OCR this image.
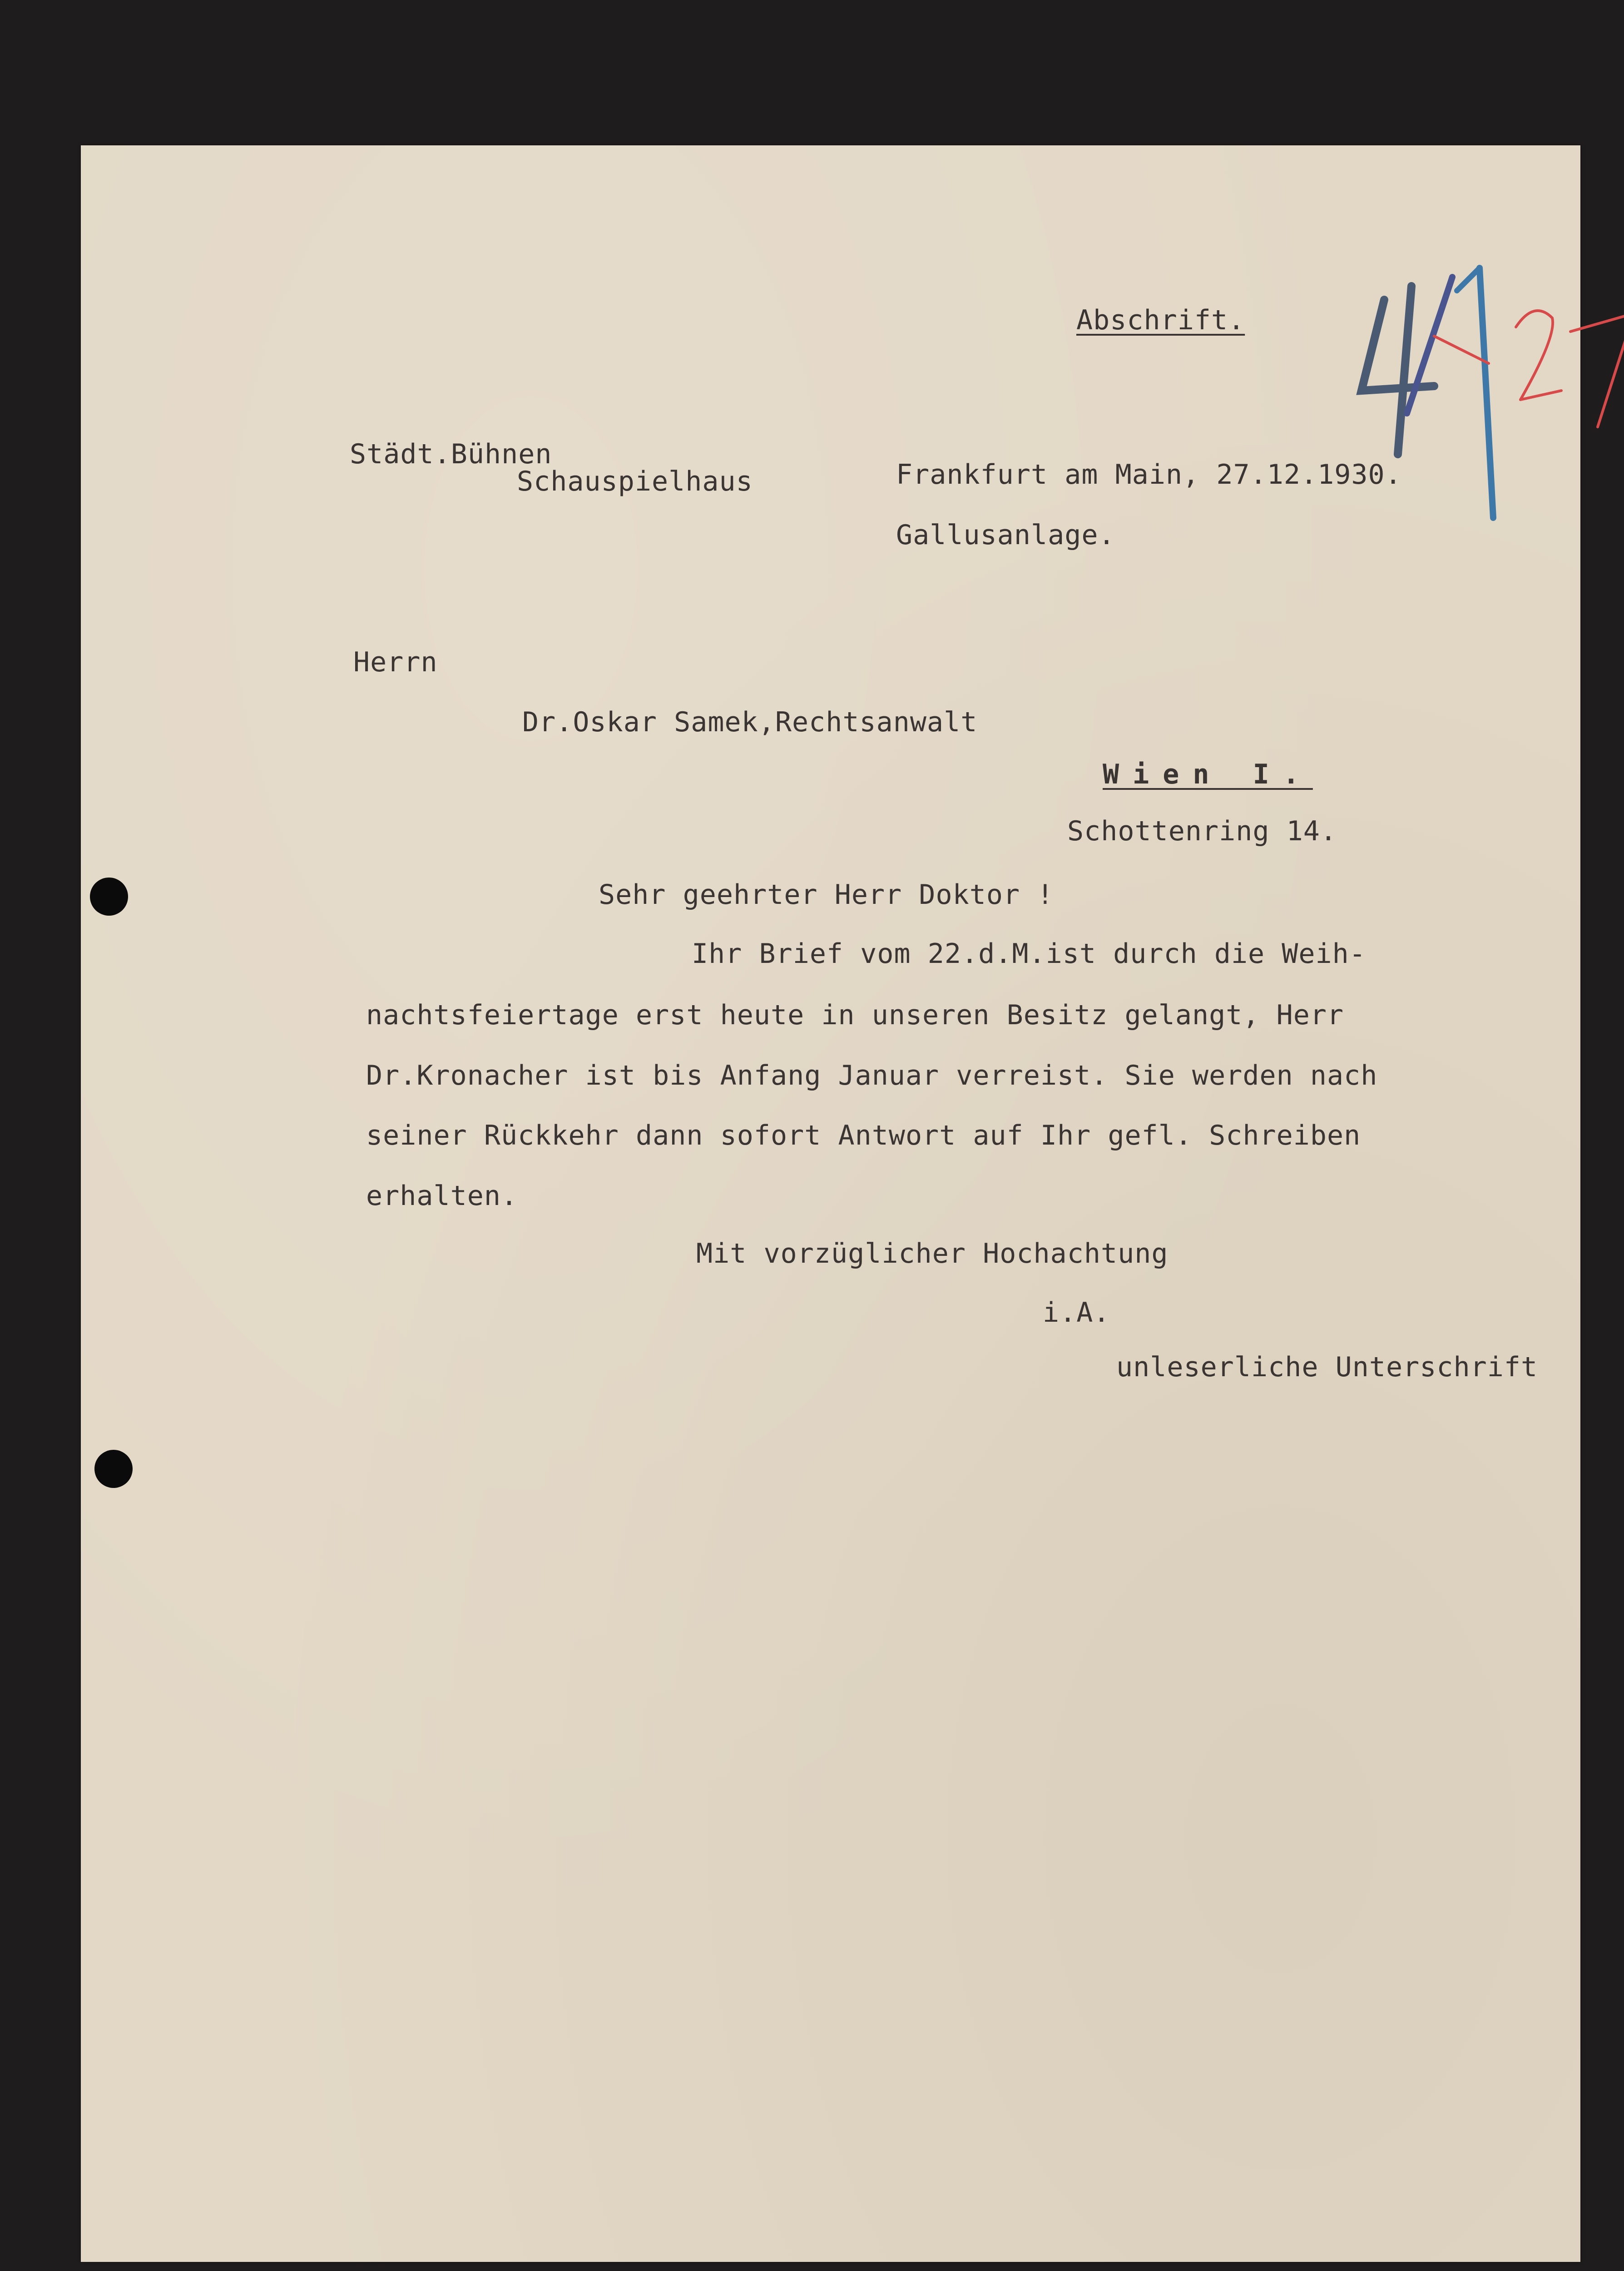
Abschrift.

Städt.Bühnen

Schauspielhaus	Frankfurt am Main, 27.12.1930.

Gallusanlage.

Herrn

Dr.Oskar Samek,Rechtsanwalt

Wien I.

Schottenring 14.

Sehr geehrter Herr Doktor !

Ihr Brief vom 22.d.M.ist durch die Weih-

nachtsfeiertage erst heute in unseren Besitz gelangt, Herr

Dr.Kronacher ist bis Anfang Januar verreist. Sie werden nach

seiner Rückkehr dann sofort Antwort auf Ihr gefl. Schreiben

erhalten.

Mit vorzüglicher Hochachtung

i.A.

unleserliche Unterschrift
